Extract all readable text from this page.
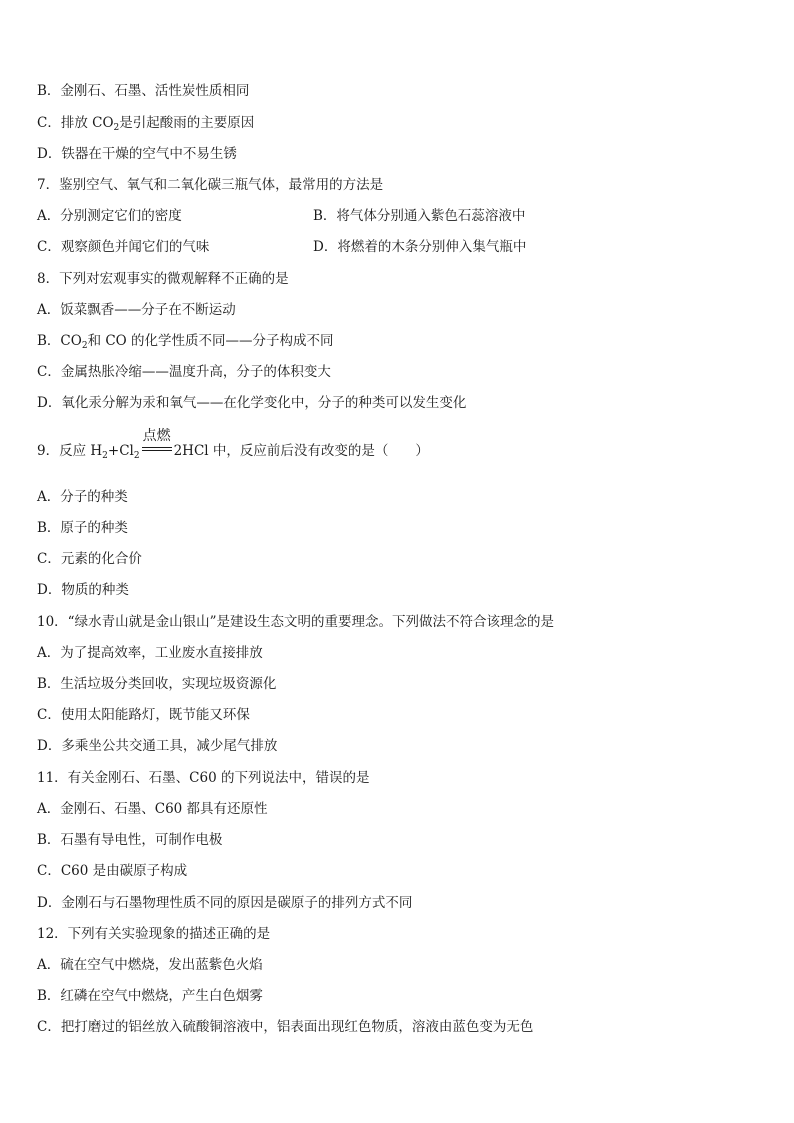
B．金刚石、石墨、活性炭性质相同
C．排放 $CO_2$是引起酸雨的主要原因
D．铁器在干燥的空气中不易生锈
7．鉴别空气、氧气和二氧化碳三瓶气体，最常用的方法是
A．分别测定它们的密度	B．将气体分别通入紫色石蕊溶液中
C．观察颜色并闻它们的气味	D．将燃着的木条分别伸入集气瓶中
8．下列对宏观事实的微观解释不正确的是
A．饭菜飘香——分子在不断运动
B．$CO_2$和 CO 的化学性质不同——分子构成不同
C．金属热胀冷缩——温度升高，分子的体积变大
D．氧化汞分解为汞和氧气——在化学变化中，分子的种类可以发生变化
9．反应 $H_2+Cl_2$
点燃
2HCl 中，反应前后没有改变的是（　　）
A．分子的种类
B．原子的种类
C．元素的化合价
D．物质的种类
10．“绿水青山就是金山银山”是建设生态文明的重要理念。下列做法不符合该理念的是
A．为了提高效率，工业废水直接排放
B．生活垃圾分类回收，实现垃圾资源化
C．使用太阳能路灯，既节能又环保
D．多乘坐公共交通工具，减少尾气排放
11．有关金刚石、石墨、C60 的下列说法中，错误的是
A．金刚石、石墨、C60 都具有还原性
B．石墨有导电性，可制作电极
C．C60 是由碳原子构成
D．金刚石与石墨物理性质不同的原因是碳原子的排列方式不同
12．下列有关实验现象的描述正确的是
A．硫在空气中燃烧，发出蓝紫色火焰
B．红磷在空气中燃烧，产生白色烟雾
C．把打磨过的铝丝放入硫酸铜溶液中，铝表面出现红色物质，溶液由蓝色变为无色
